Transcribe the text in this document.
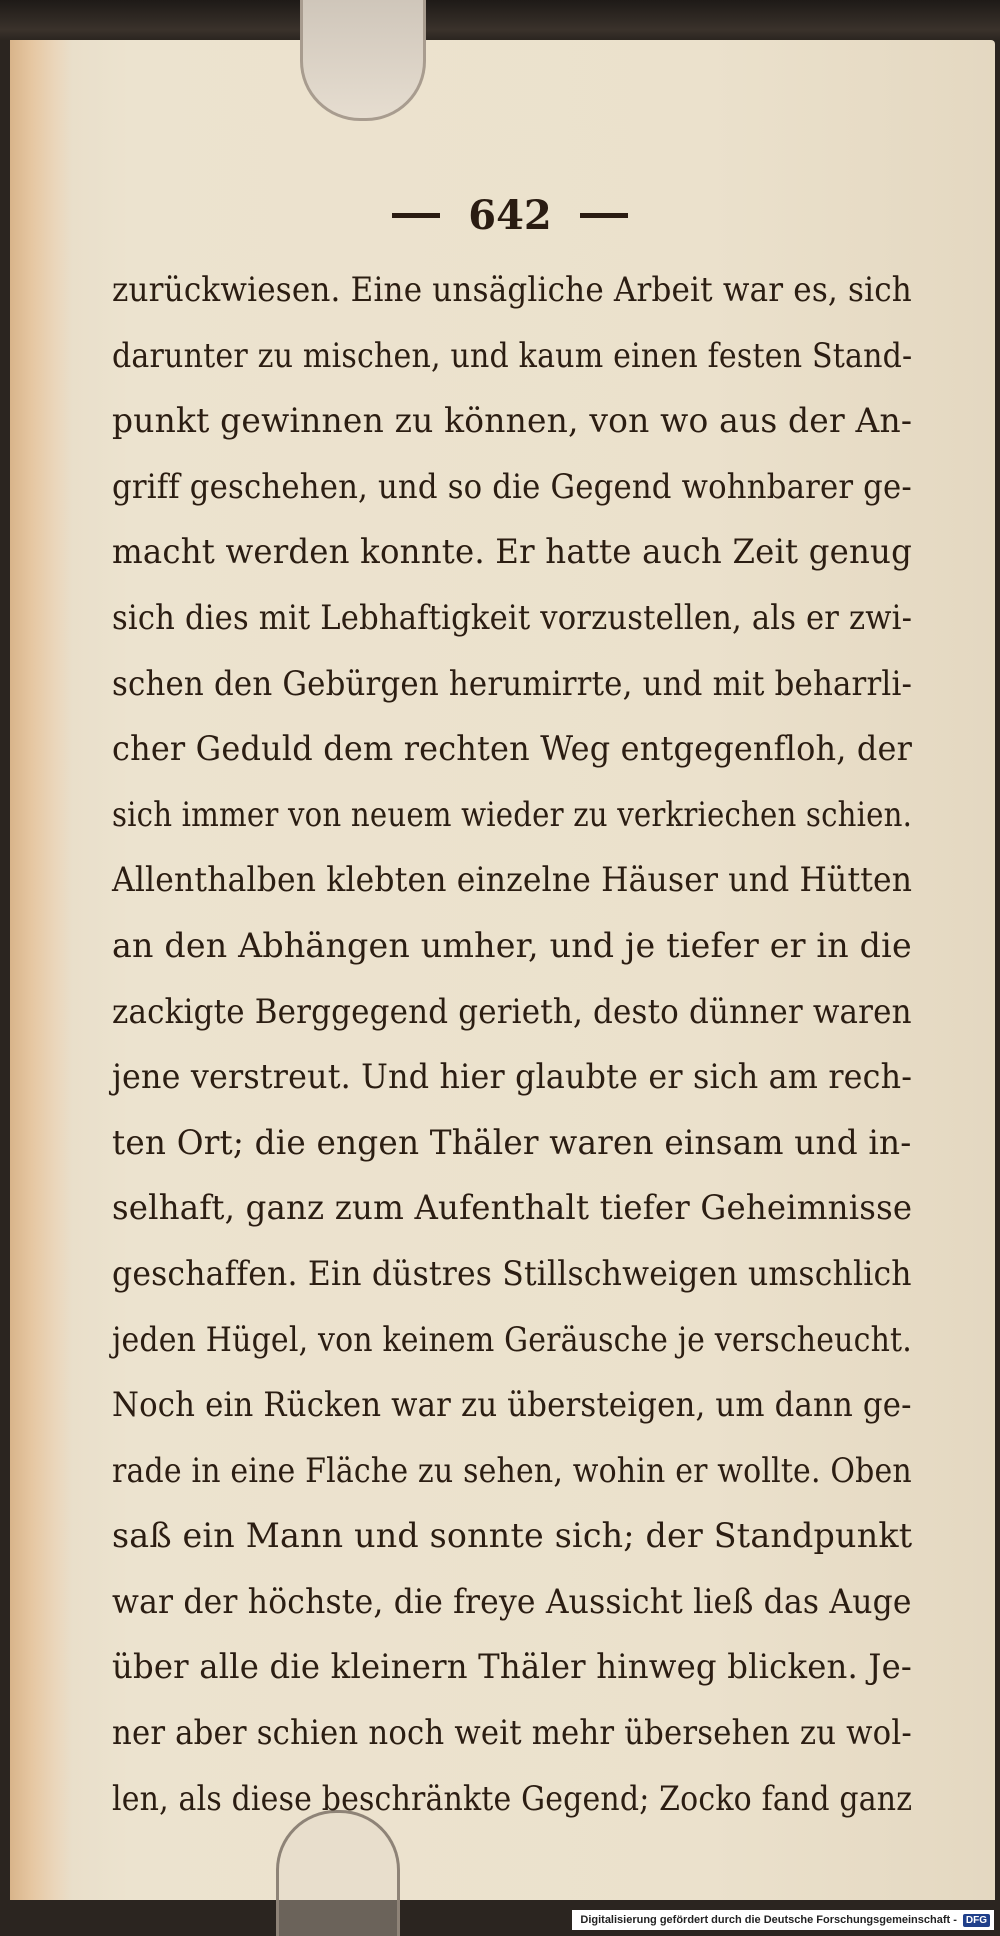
642
zurückwiesen. Eine unsägliche Arbeit war es, sich
darunter zu mischen, und kaum einen festen Stand-
punkt gewinnen zu können, von wo aus der An-
griff geschehen, und so die Gegend wohnbarer ge-
macht werden konnte. Er hatte auch Zeit genug
sich dies mit Lebhaftigkeit vorzustellen, als er zwi-
schen den Gebürgen herumirrte, und mit beharrli-
cher Geduld dem rechten Weg entgegenfloh, der
sich immer von neuem wieder zu verkriechen schien.
Allenthalben klebten einzelne Häuser und Hütten
an den Abhängen umher, und je tiefer er in die
zackigte Berggegend gerieth, desto dünner waren
jene verstreut. Und hier glaubte er sich am rech-
ten Ort; die engen Thäler waren einsam und in-
selhaft, ganz zum Aufenthalt tiefer Geheimnisse
geschaffen. Ein düstres Stillschweigen umschlich
jeden Hügel, von keinem Geräusche je verscheucht.
Noch ein Rücken war zu übersteigen, um dann ge-
rade in eine Fläche zu sehen, wohin er wollte. Oben
saß ein Mann und sonnte sich; der Standpunkt
war der höchste, die freye Aussicht ließ das Auge
über alle die kleinern Thäler hinweg blicken. Je-
ner aber schien noch weit mehr übersehen zu wol-
len, als diese beschränkte Gegend; Zocko fand ganz
Digitalisierung gefördert durch die Deutsche Forschungsgemeinschaft - DFG
